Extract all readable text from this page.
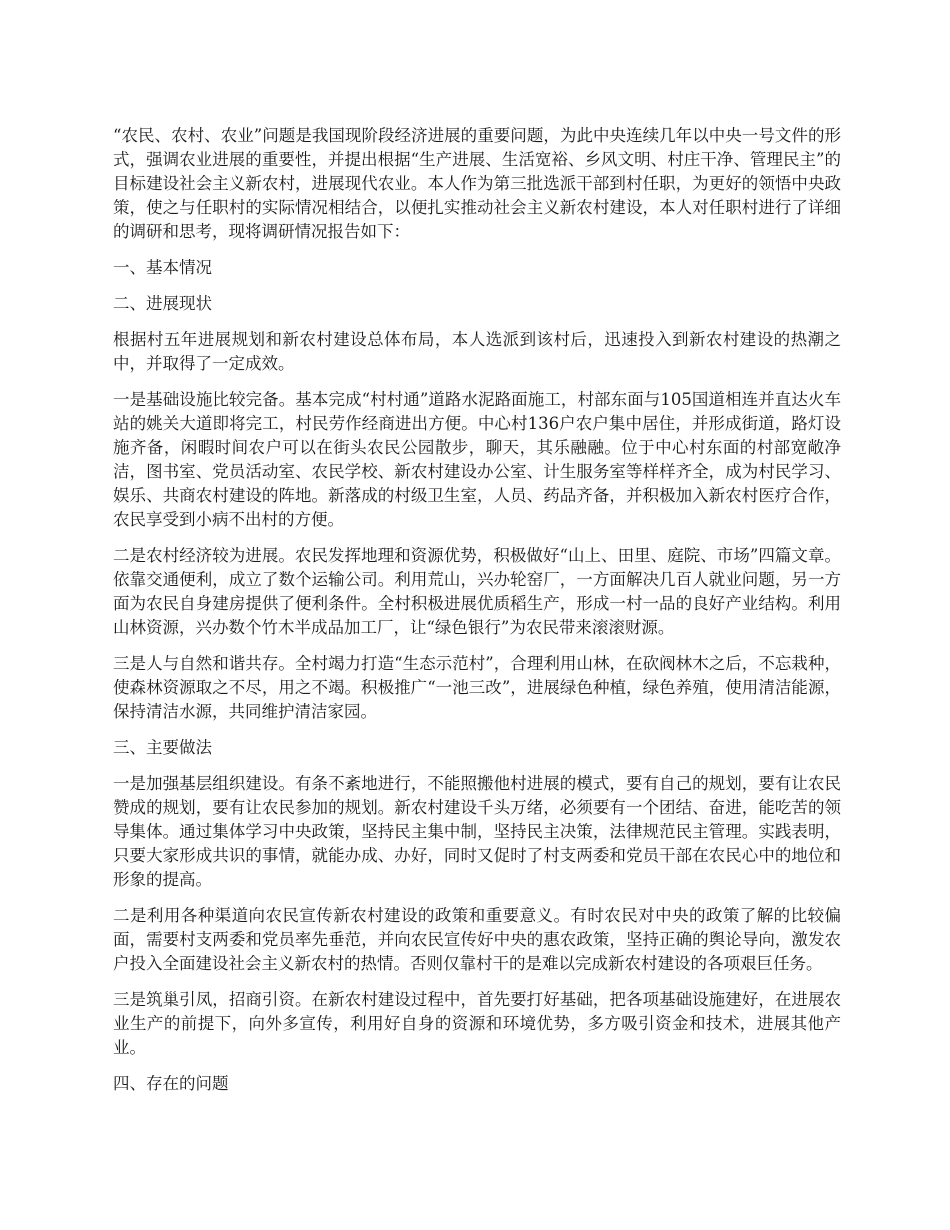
“农民、农村、农业”问题是我国现阶段经济进展的重要问题，为此中央连续几年以中央一号文件的形式，强调农业进展的重要性，并提出根据“生产进展、生活宽裕、乡风文明、村庄干净、管理民主”的目标建设社会主义新农村，进展现代农业。本人作为第三批选派干部到村任职，为更好的领悟中央政策，使之与任职村的实际情况相结合，以便扎实推动社会主义新农村建设，本人对任职村进行了详细的调研和思考，现将调研情况报告如下：

一、基本情况

二、进展现状

根据村五年进展规划和新农村建设总体布局，本人选派到该村后，迅速投入到新农村建设的热潮之中，并取得了一定成效。

一是基础设施比较完备。基本完成“村村通”道路水泥路面施工，村部东面与105国道相连并直达火车站的姚关大道即将完工，村民劳作经商进出方便。中心村136户农户集中居住，并形成街道，路灯设施齐备，闲暇时间农户可以在街头农民公园散步，聊天，其乐融融。位于中心村东面的村部宽敞净洁，图书室、党员活动室、农民学校、新农村建设办公室、计生服务室等样样齐全，成为村民学习、娱乐、共商农村建设的阵地。新落成的村级卫生室，人员、药品齐备，并积极加入新农村医疗合作，农民享受到小病不出村的方便。

二是农村经济较为进展。农民发挥地理和资源优势，积极做好“山上、田里、庭院、市场”四篇文章。依靠交通便利，成立了数个运输公司。利用荒山，兴办轮窑厂，一方面解决几百人就业问题，另一方面为农民自身建房提供了便利条件。全村积极进展优质稻生产，形成一村一品的良好产业结构。利用山林资源，兴办数个竹木半成品加工厂，让“绿色银行”为农民带来滚滚财源。

三是人与自然和谐共存。全村竭力打造“生态示范村”，合理利用山林，在砍阀林木之后，不忘栽种，使森林资源取之不尽，用之不竭。积极推广“一池三改”，进展绿色种植，绿色养殖，使用清洁能源，保持清洁水源，共同维护清洁家园。

三、主要做法

一是加强基层组织建设。有条不紊地进行，不能照搬他村进展的模式，要有自己的规划，要有让农民赞成的规划，要有让农民参加的规划。新农村建设千头万绪，必须要有一个团结、奋进，能吃苦的领导集体。通过集体学习中央政策，坚持民主集中制，坚持民主决策，法律规范民主管理。实践表明，只要大家形成共识的事情，就能办成、办好，同时又促时了村支两委和党员干部在农民心中的地位和形象的提高。

二是利用各种渠道向农民宣传新农村建设的政策和重要意义。有时农民对中央的政策了解的比较偏面，需要村支两委和党员率先垂范，并向农民宣传好中央的惠农政策，坚持正确的舆论导向，激发农户投入全面建设社会主义新农村的热情。否则仅靠村干的是难以完成新农村建设的各项艰巨任务。

三是筑巢引凤，招商引资。在新农村建设过程中，首先要打好基础，把各项基础设施建好，在进展农业生产的前提下，向外多宣传，利用好自身的资源和环境优势，多方吸引资金和技术，进展其他产业。

四、存在的问题
